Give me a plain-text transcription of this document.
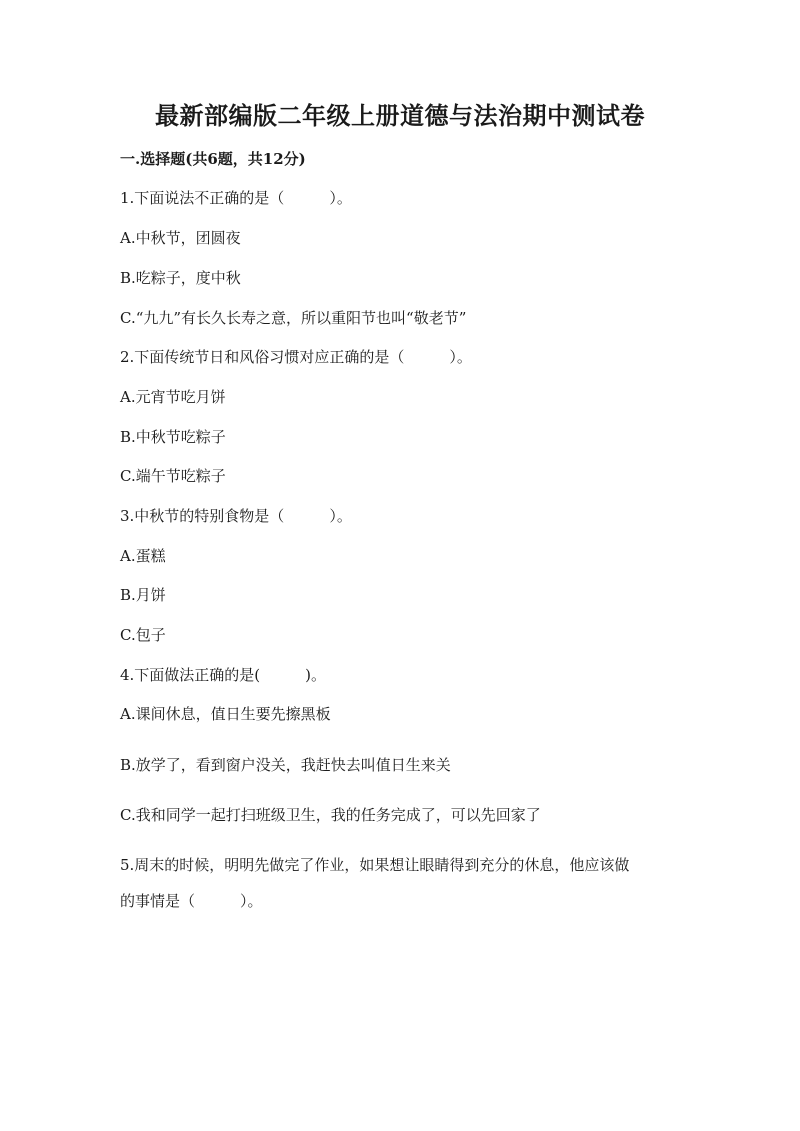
最新部编版二年级上册道德与法治期中测试卷
一.选择题(共6题，共12分)
1.下面说法不正确的是（　　　）。
A.中秋节，团圆夜
B.吃粽子，度中秋
C.“九九”有长久长寿之意，所以重阳节也叫“敬老节”
2.下面传统节日和风俗习惯对应正确的是（　　　）。
A.元宵节吃月饼
B.中秋节吃粽子
C.端午节吃粽子
3.中秋节的特别食物是（　　　）。
A.蛋糕
B.月饼
C.包子
4.下面做法正确的是(　　　)。
A.课间休息，值日生要先擦黑板
B.放学了，看到窗户没关，我赶快去叫值日生来关
C.我和同学一起打扫班级卫生，我的任务完成了，可以先回家了
5.周末的时候，明明先做完了作业，如果想让眼睛得到充分的休息，他应该做
的事情是（　　　）。
